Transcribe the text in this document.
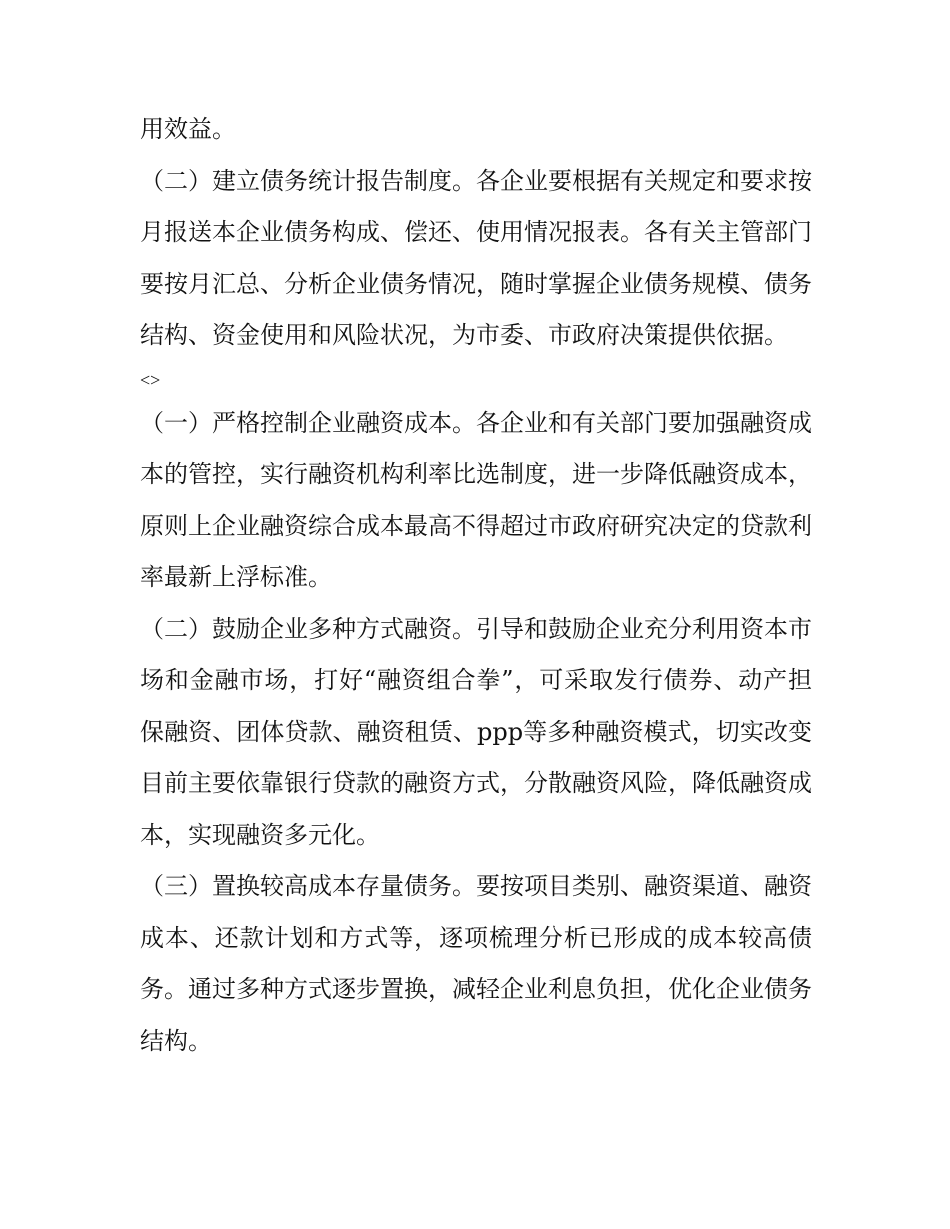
用效益。

（二）建立债务统计报告制度。各企业要根据有关规定和要求按月报送本企业债务构成、偿还、使用情况报表。各有关主管部门要按月汇总、分析企业债务情况，随时掌握企业债务规模、债务结构、资金使用和风险状况，为市委、市政府决策提供依据。

<>

（一）严格控制企业融资成本。各企业和有关部门要加强融资成本的管控，实行融资机构利率比选制度，进一步降低融资成本，原则上企业融资综合成本最高不得超过市政府研究决定的贷款利率最新上浮标准。

（二）鼓励企业多种方式融资。引导和鼓励企业充分利用资本市场和金融市场，打好“融资组合拳”，可采取发行债券、动产担保融资、团体贷款、融资租赁、ppp等多种融资模式，切实改变目前主要依靠银行贷款的融资方式，分散融资风险，降低融资成本，实现融资多元化。

（三）置换较高成本存量债务。要按项目类别、融资渠道、融资成本、还款计划和方式等，逐项梳理分析已形成的成本较高债务。通过多种方式逐步置换，减轻企业利息负担，优化企业债务结构。
